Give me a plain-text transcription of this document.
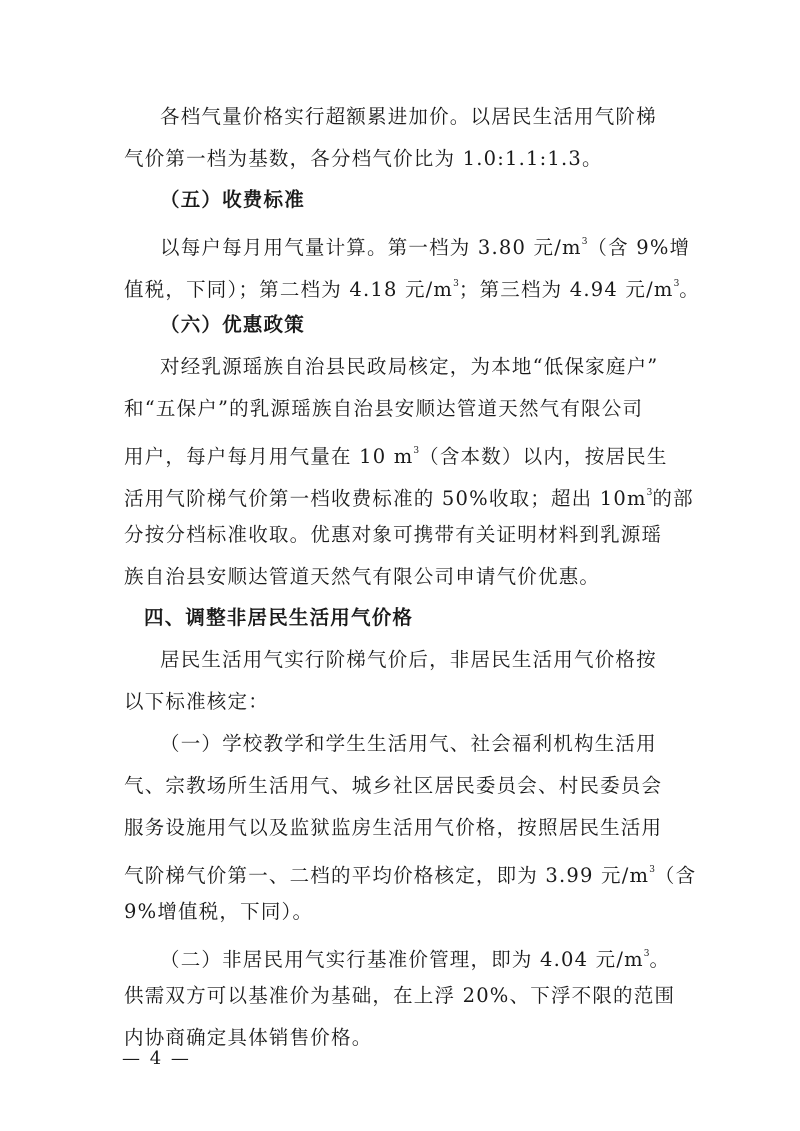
各档气量价格实行超额累进加价。以居民生活用气阶梯
气价第一档为基数，各分档气价比为 1.0:1.1:1.3。
（五）收费标准
以每户每月用气量计算。第一档为 3.80 元$/m^3$（含 9%增
值税，下同）；第二档为 4.18 元$/m^3$；第三档为 4.94 元$/m^3$。
（六）优惠政策
对经乳源瑶族自治县民政局核定，为本地“低保家庭户”
和“五保户”的乳源瑶族自治县安顺达管道天然气有限公司
用户，每户每月用气量在 10 $m^3$（含本数）以内，按居民生
活用气阶梯气价第一档收费标准的 50%收取；超出 $10m^3$的部
分按分档标准收取。优惠对象可携带有关证明材料到乳源瑶
族自治县安顺达管道天然气有限公司申请气价优惠。
四、调整非居民生活用气价格
居民生活用气实行阶梯气价后，非居民生活用气价格按
以下标准核定：
（一）学校教学和学生生活用气、社会福利机构生活用
气、宗教场所生活用气、城乡社区居民委员会、村民委员会
服务设施用气以及监狱监房生活用气价格，按照居民生活用
气阶梯气价第一、二档的平均价格核定，即为 3.99 元$/m^3$（含
9%增值税，下同）。
（二）非居民用气实行基准价管理，即为 4.04 元$/m^3$。
供需双方可以基准价为基础，在上浮 20%、下浮不限的范围
内协商确定具体销售价格。
— 4 —
